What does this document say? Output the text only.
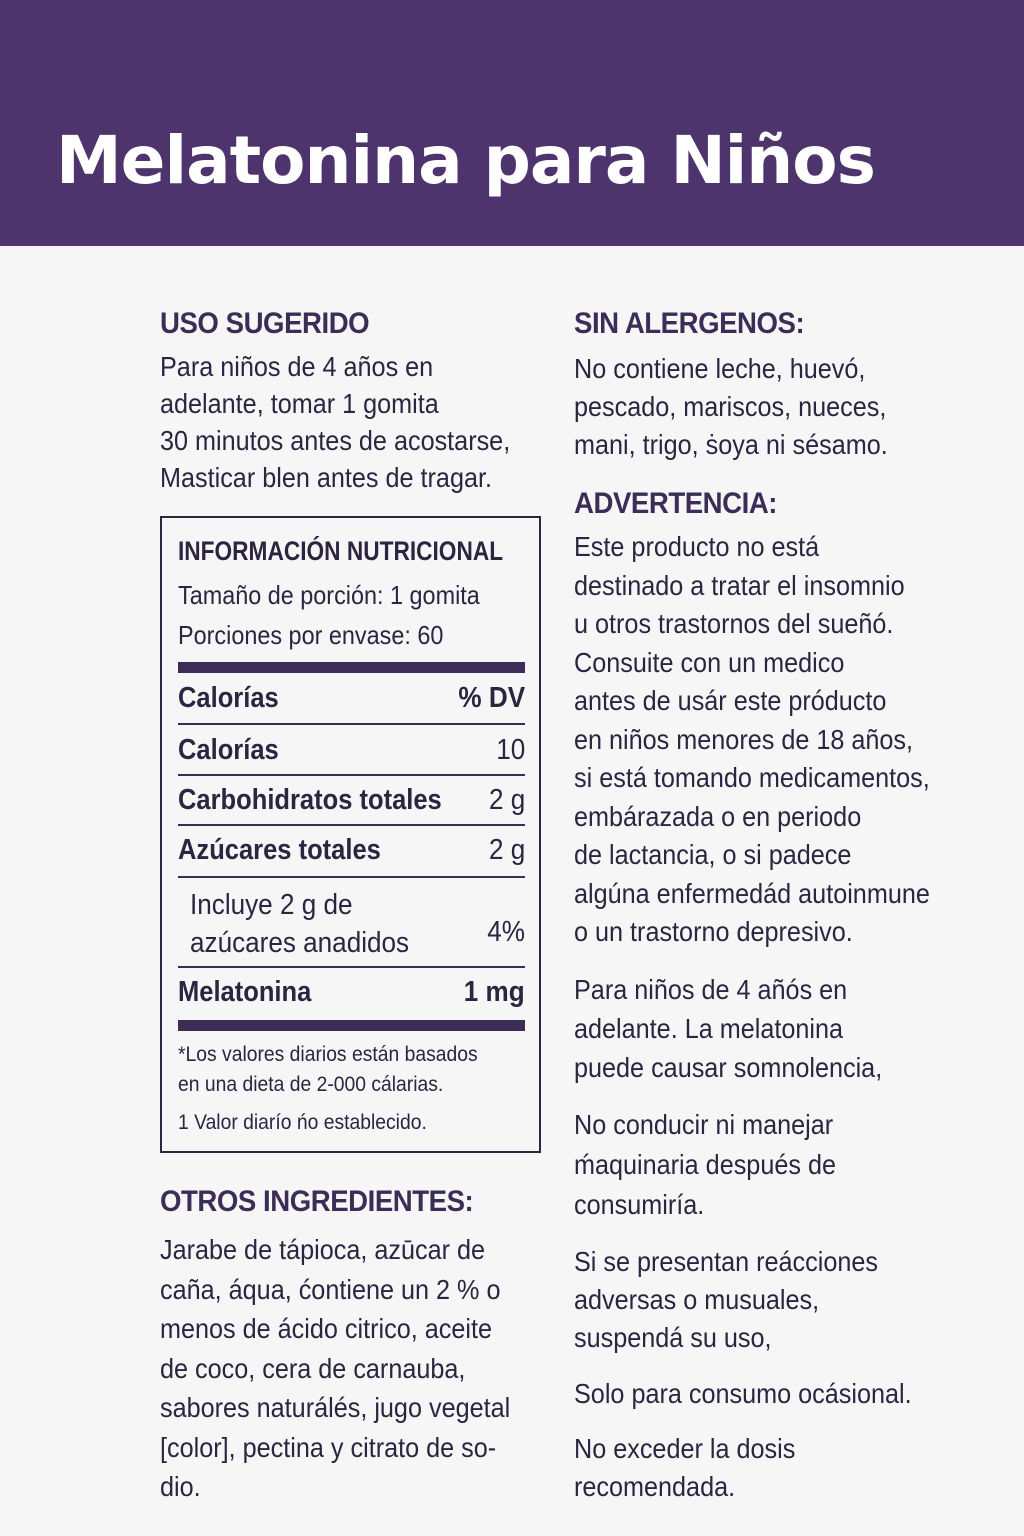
Melatonina para Niños
USO SUGERIDO
Para niños de 4 años en
adelante, tomar 1 gomita
30 minutos antes de acostarse,
Masticar blen antes de tragar.
INFORMACIÓN NUTRICIONAL
Tamaño de porción: 1 gomita
Porciones por envase: 60
Calorías	% DV
Calorías	10
Carbohidratos totales 2 g
Azúcares totales	2 g
Incluye 2 g de
azúcares anadidos	4%
Melatonina	1 mg
*Los valores diarios están basados
en una dieta de 2-000 cálarias.
1 Valor diarío ńo establecido.
OTROS INGREDIENTES:
Jarabe de tápioca, azūcar de
caña, áqua, ćontiene un 2 % o
menos de ácido citrico, aceite
de coco, cera de carnauba,
sabores naturálés, jugo vegetal
[color], pectina y citrato de so-
dio.
SIN ALERGENOS:
No contiene leche, huevó,
pescado, mariscos, nueces,
mani, trigo, ṡoya ni sésamo.
ADVERTENCIA:
Este producto no está
destinado a tratar el insomnio
u otros trastornos del sueñó.
Consuite con un medico
antes de usár este próducto
en niños menores de 18 años,
si está tomando medicamentos,
embárazada o en periodo
de lactancia, o si padece
algúna enfermedád autoinmune
o un trastorno depresivo.
Para niños de 4 añós en
adelante. La melatonina
puede causar somnolencia,
No conducir ni manejar
ḿaquinaria después de
consumiría.
Si se presentan reácciones
adversas o musuales,
suspendá su uso,
Solo para consumo ocásional.
No exceder la dosis
recomendada.
